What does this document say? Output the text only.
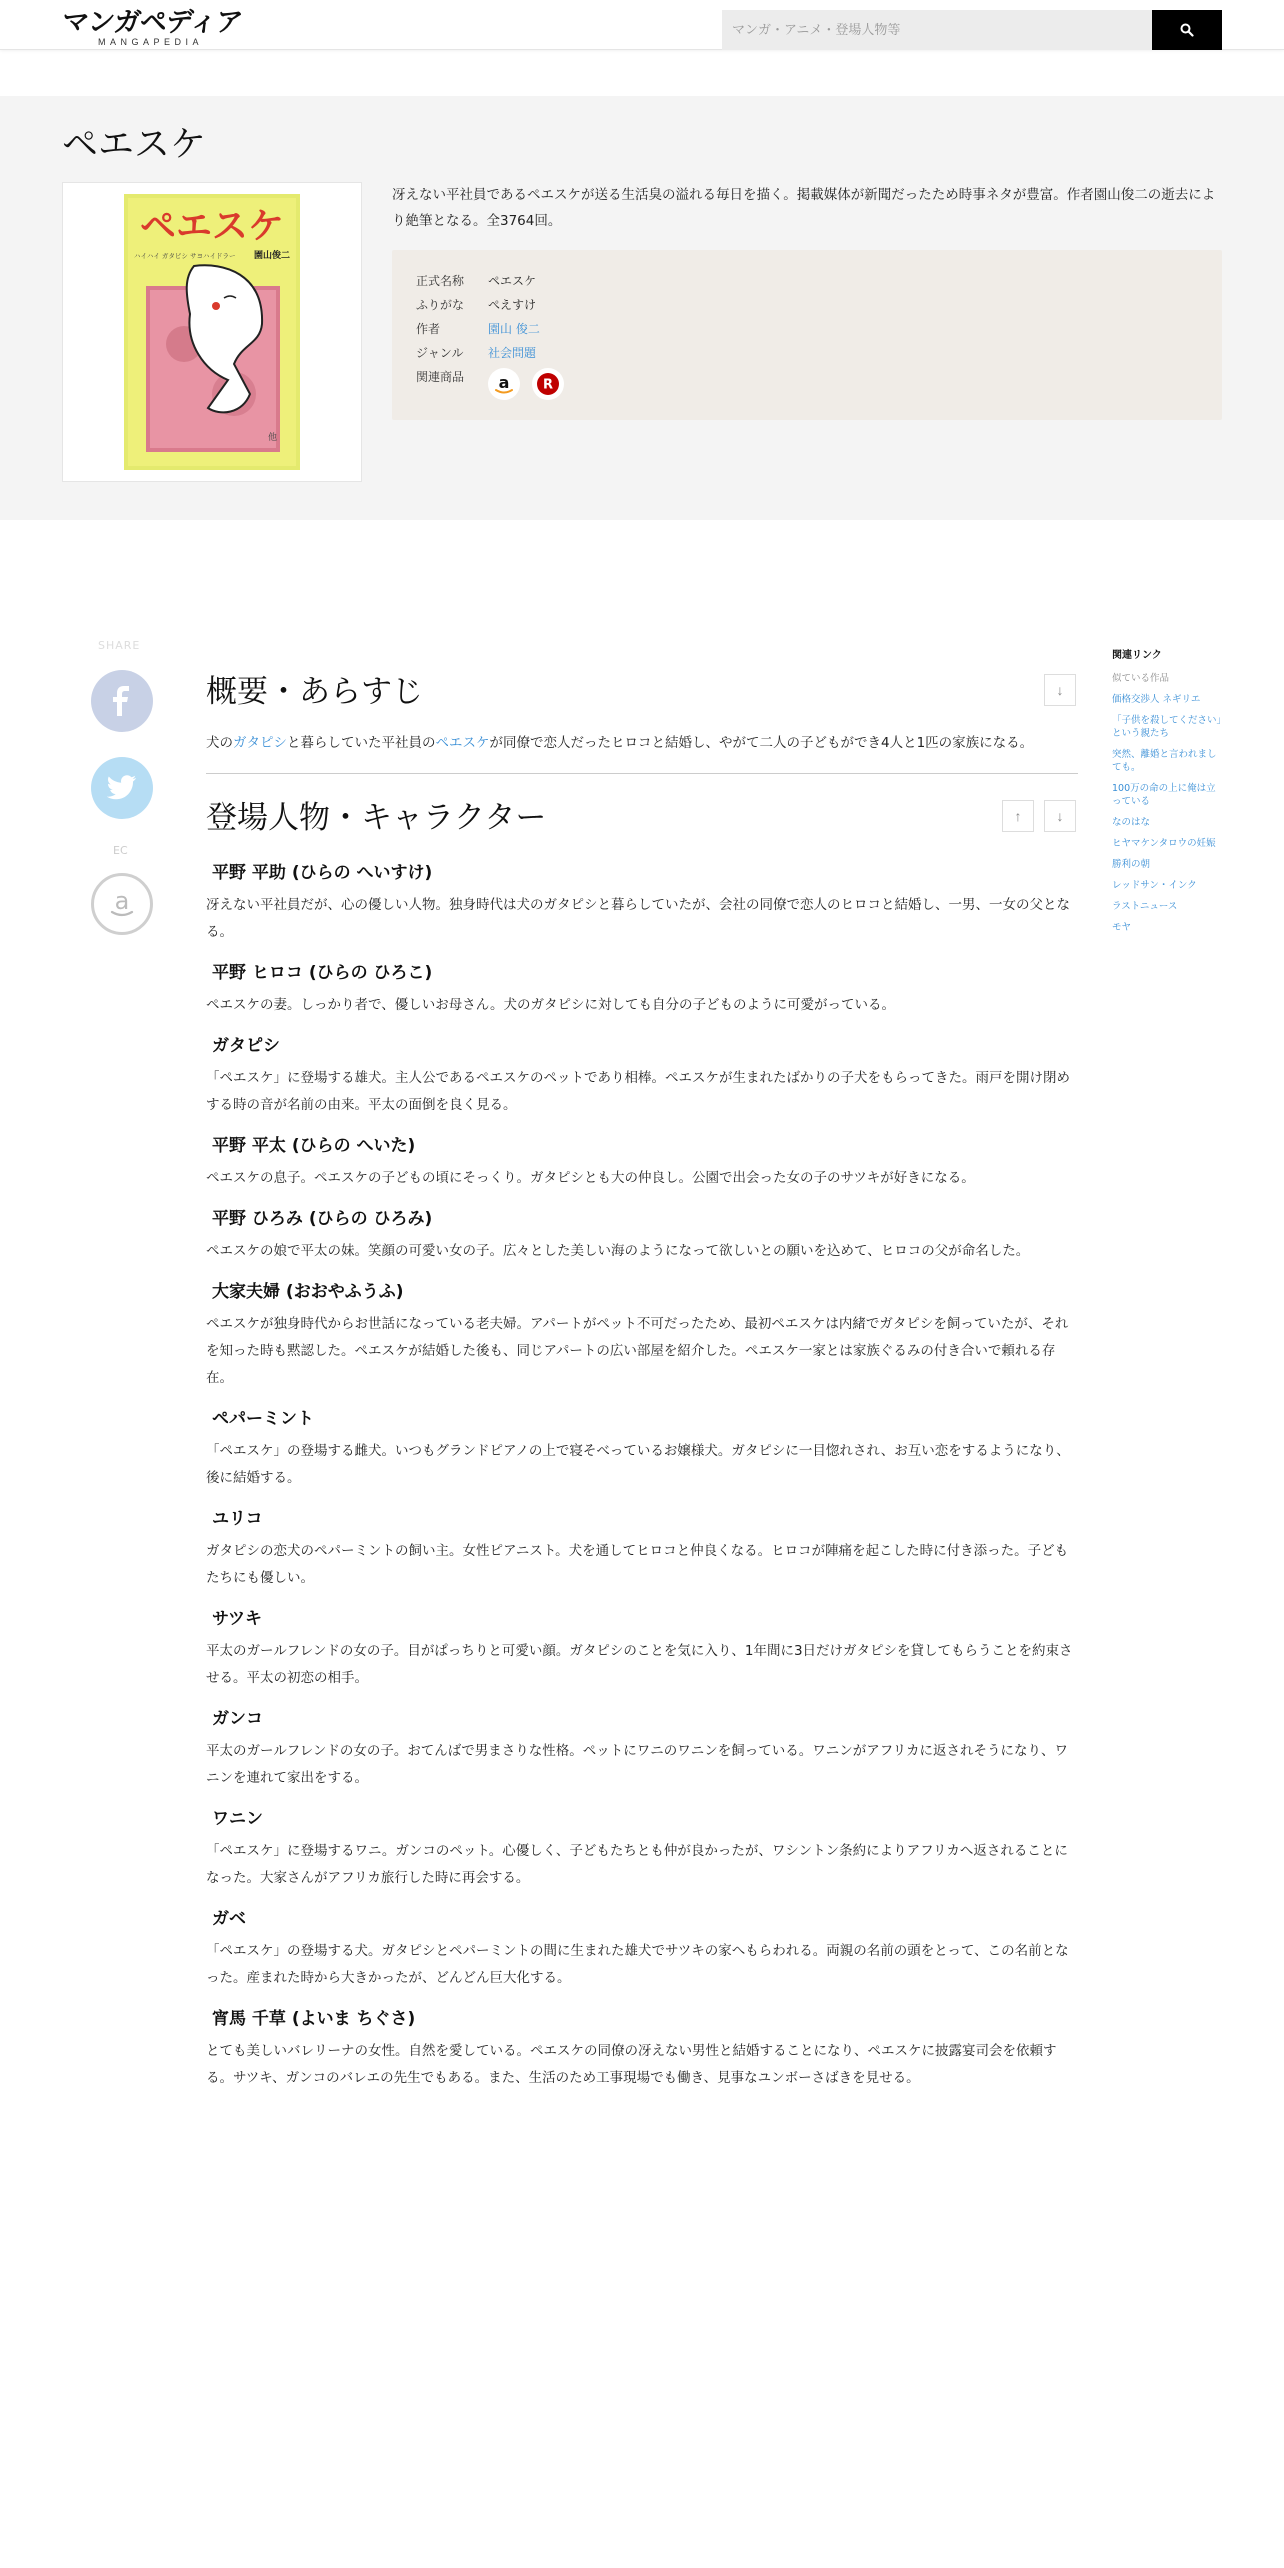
マンガペディア
MANGAPEDIA
マンガ・アニメ・登場人物等
ペエスケ
ペエスケ
ハイハイ ガタピシ サヨハイドラー 園山俊二
他

冴えない平社員であるペエスケが送る生活臭の溢れる毎日を描く。掲載媒体が新聞だったため時事ネタが豊富。作者園山俊二の逝去により絶筆となる。全3764回。

正式名称	ペエスケ
ふりがな	ぺえすけ
作者	園山 俊二
ジャンル	社会問題
関連商品	a	R
SHARE
EC
a
概要・あらすじ	↓

犬のガタピシと暮らしていた平社員のペエスケが同僚で恋人だったヒロコと結婚し、やがて二人の子どもができ4人と1匹の家族になる。

登場人物・キャラクター	↑	↓
平野 平助 (ひらの へいすけ)

冴えない平社員だが、心の優しい人物。独身時代は犬のガタピシと暮らしていたが、会社の同僚で恋人のヒロコと結婚し、一男、一女の父となる。

平野 ヒロコ (ひらの ひろこ)

ペエスケの妻。しっかり者で、優しいお母さん。犬のガタピシに対しても自分の子どものように可愛がっている。

ガタピシ

「ペエスケ」に登場する雄犬。主人公であるペエスケのペットであり相棒。ペエスケが生まれたばかりの子犬をもらってきた。雨戸を開け閉めする時の音が名前の由来。平太の面倒を良く見る。

平野 平太 (ひらの へいた)

ペエスケの息子。ペエスケの子どもの頃にそっくり。ガタピシとも大の仲良し。公園で出会った女の子のサツキが好きになる。

平野 ひろみ (ひらの ひろみ)

ペエスケの娘で平太の妹。笑顔の可愛い女の子。広々とした美しい海のようになって欲しいとの願いを込めて、ヒロコの父が命名した。

大家夫婦 (おおやふうふ)

ペエスケが独身時代からお世話になっている老夫婦。アパートがペット不可だったため、最初ペエスケは内緒でガタピシを飼っていたが、それを知った時も黙認した。ペエスケが結婚した後も、同じアパートの広い部屋を紹介した。ペエスケ一家とは家族ぐるみの付き合いで頼れる存在。

ペパーミント

「ペエスケ」の登場する雌犬。いつもグランドピアノの上で寝そべっているお嬢様犬。ガタピシに一目惚れされ、お互い恋をするようになり、後に結婚する。

ユリコ

ガタピシの恋犬のペパーミントの飼い主。女性ピアニスト。犬を通してヒロコと仲良くなる。ヒロコが陣痛を起こした時に付き添った。子どもたちにも優しい。

サツキ

平太のガールフレンドの女の子。目がぱっちりと可愛い顔。ガタピシのことを気に入り、1年間に3日だけガタピシを貸してもらうことを約束させる。平太の初恋の相手。

ガンコ

平太のガールフレンドの女の子。おてんばで男まさりな性格。ペットにワニのワニンを飼っている。ワニンがアフリカに返されそうになり、ワニンを連れて家出をする。

ワニン

「ペエスケ」に登場するワニ。ガンコのペット。心優しく、子どもたちとも仲が良かったが、ワシントン条約によりアフリカへ返されることになった。大家さんがアフリカ旅行した時に再会する。

ガベ

「ペエスケ」の登場する犬。ガタピシとペパーミントの間に生まれた雄犬でサツキの家へもらわれる。両親の名前の頭をとって、この名前となった。産まれた時から大きかったが、どんどん巨大化する。

宵馬 千草 (よいま ちぐさ)

とても美しいバレリーナの女性。自然を愛している。ペエスケの同僚の冴えない男性と結婚することになり、ペエスケに披露宴司会を依頼する。サツキ、ガンコのバレエの先生でもある。また、生活のため工事現場でも働き、見事なユンボーさばきを見せる。

関連リンク
似ている作品
価格交渉人 ネギリエ
「子供を殺してください」という親たち
突然、離婚と言われましても。
100万の命の上に俺は立っている
なのはな
ヒヤマケンタロウの妊娠
勝利の朝
レッドサン・インク
ラストニュース
モヤ
